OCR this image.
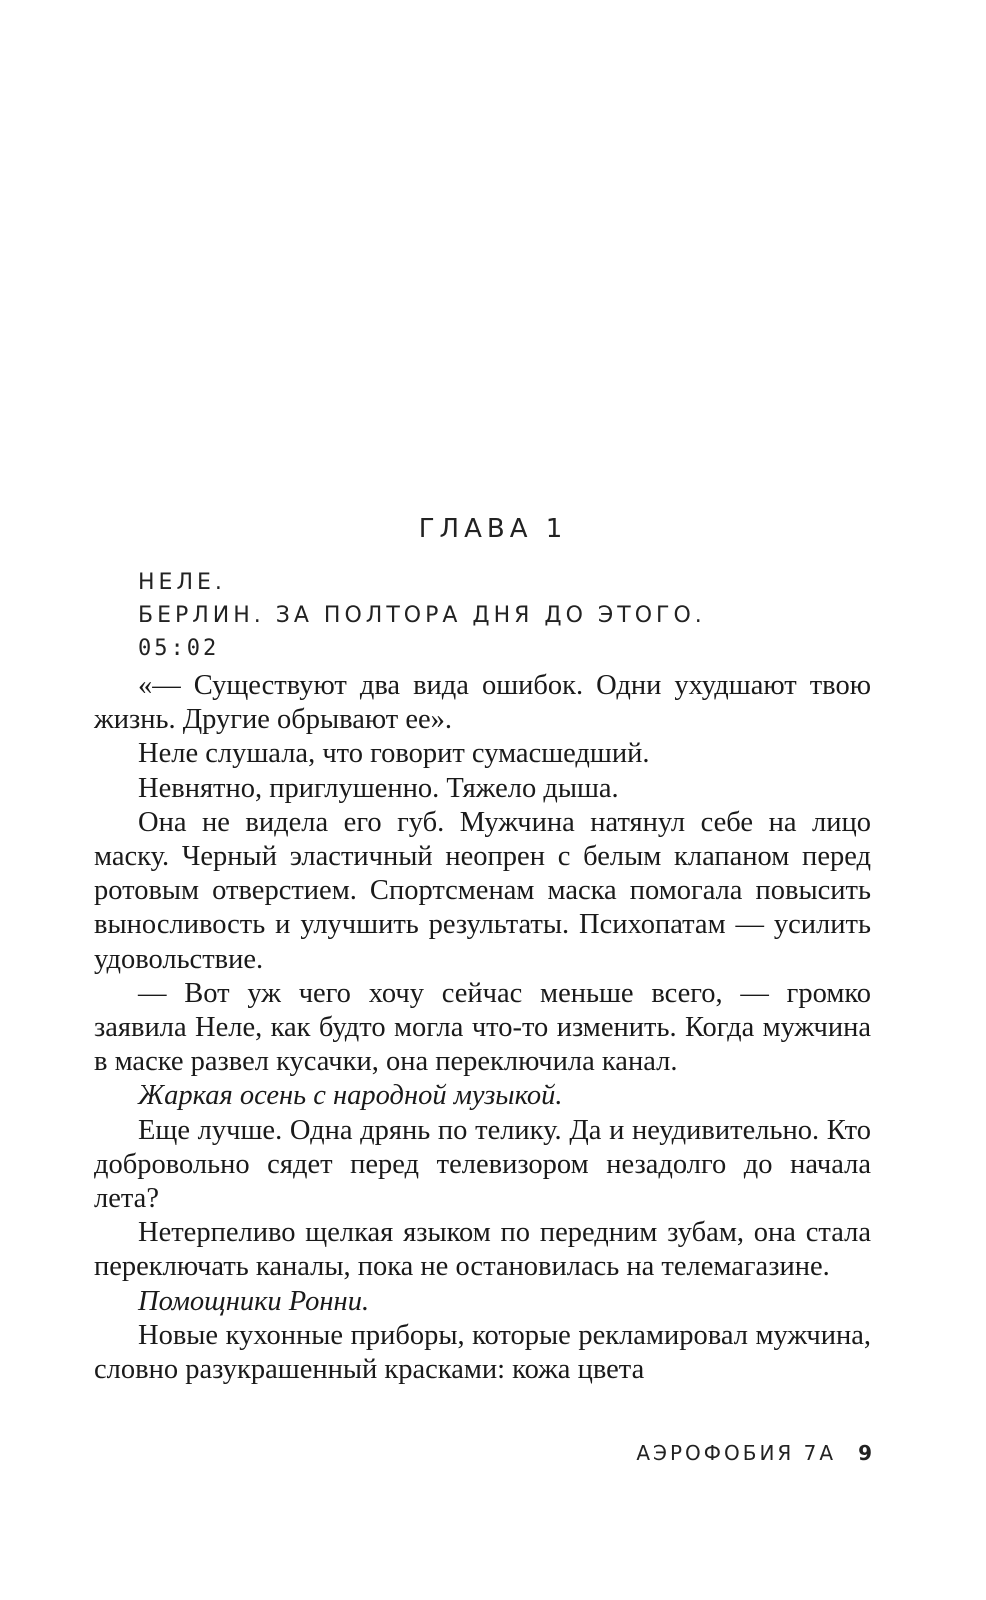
ГЛАВА 1
НЕЛЕ.
БЕРЛИН. ЗА ПОЛТОРА ДНЯ ДО ЭТОГО.
05:02

«— Существуют два вида ошибок. Одни ухудшают твою жизнь. Другие обрывают ее».

Неле слушала, что говорит сумасшедший.

Невнятно, приглушенно. Тяжело дыша.

Она не видела его губ. Мужчина натянул себе на лицо маску. Черный эластичный неопрен с белым клапаном перед ротовым отверстием. Спортсменам маска помогала повысить выносливость и улучшить результаты. Психопатам — усилить удовольствие.

— Вот уж чего хочу сейчас меньше всего, — громко заявила Неле, как будто могла что-то изменить. Когда мужчина в маске развел кусачки, она переключила канал.

Жаркая осень с народной музыкой.

Еще лучше. Одна дрянь по телику. Да и неудивительно. Кто добровольно сядет перед телевизором незадолго до начала лета?

Нетерпеливо щелкая языком по передним зубам, она стала переключать каналы, пока не остановилась на телемагазине.

Помощники Ронни.

Новые кухонные приборы, которые рекламировал мужчина, словно разукрашенный красками: кожа цвета

АЭРОФОБИЯ 7А 9
